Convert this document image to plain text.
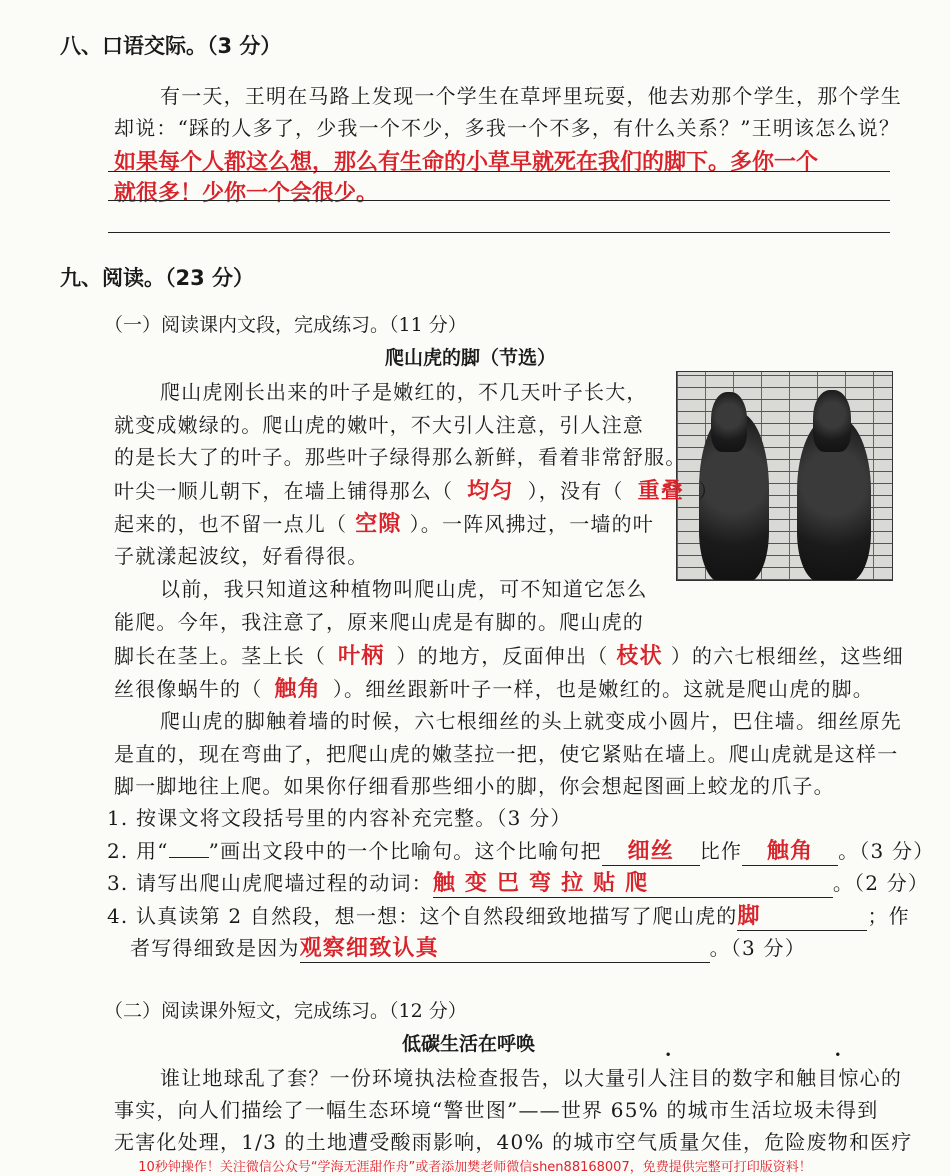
八、口语交际。（3 分）
有一天，王明在马路上发现一个学生在草坪里玩耍，他去劝那个学生，那个学生
却说：“踩的人多了，少我一个不少，多我一个不多，有什么关系？”王明该怎么说？
如果每个人都这么想，那么有生命的小草早就死在我们的脚下。多你一个
就很多！少你一个会很少。
九、阅读。（23 分）
（一）阅读课内文段，完成练习。（11 分）
爬山虎的脚（节选）
爬山虎刚长出来的叶子是嫩红的，不几天叶子长大，
就变成嫩绿的。爬山虎的嫩叶，不大引人注意，引人注意
的是长大了的叶子。那些叶子绿得那么新鲜，看着非常舒服。
叶尖一顺儿朝下，在墙上铺得那么（ 均匀 ），没有（ 重叠 ）
起来的，也不留一点儿（ 空隙 ）。一阵风拂过，一墙的叶
子就漾起波纹，好看得很。
以前，我只知道这种植物叫爬山虎，可不知道它怎么
能爬。今年，我注意了，原来爬山虎是有脚的。爬山虎的
脚长在茎上。茎上长（ 叶柄 ）的地方，反面伸出（ 枝状 ）的六七根细丝，这些细
丝很像蜗牛的（ 触角 ）。细丝跟新叶子一样，也是嫩红的。这就是爬山虎的脚。
爬山虎的脚触着墙的时候，六七根细丝的头上就变成小圆片，巴住墙。细丝原先
是直的，现在弯曲了，把爬山虎的嫩茎拉一把，使它紧贴在墙上。爬山虎就是这样一
脚一脚地往上爬。如果你仔细看那些细小的脚，你会想起图画上蛟龙的爪子。
1. 按课文将文段括号里的内容补充完整。（3 分）
2. 用“ ”画出文段中的一个比喻句。这个比喻句把 细丝 比作 触角 。（3 分）
3. 请写出爬山虎爬墙过程的动词：触 变 巴 弯 拉 贴 爬	。（2 分）
4. 认真读第 2 自然段，想一想：这个自然段细致地描写了爬山虎的脚	；作
者写得细致是因为观察细致认真	。（3 分）
（二）阅读课外短文，完成练习。（12 分）
低碳生活在呼唤
谁让地球乱了套？一份环境执法检查报告，以大量引人注目的数字和触目惊心的
事实，向人们描绘了一幅生态环境“警世图”——世界 65% 的城市生活垃圾未得到
无害化处理，1/3 的土地遭受酸雨影响，40% 的城市空气质量欠佳，危险废物和医疗
10秒钟操作！关注微信公众号“学海无涯甜作舟”或者添加樊老师微信shen88168007，免费提供完整可打印版资料！
